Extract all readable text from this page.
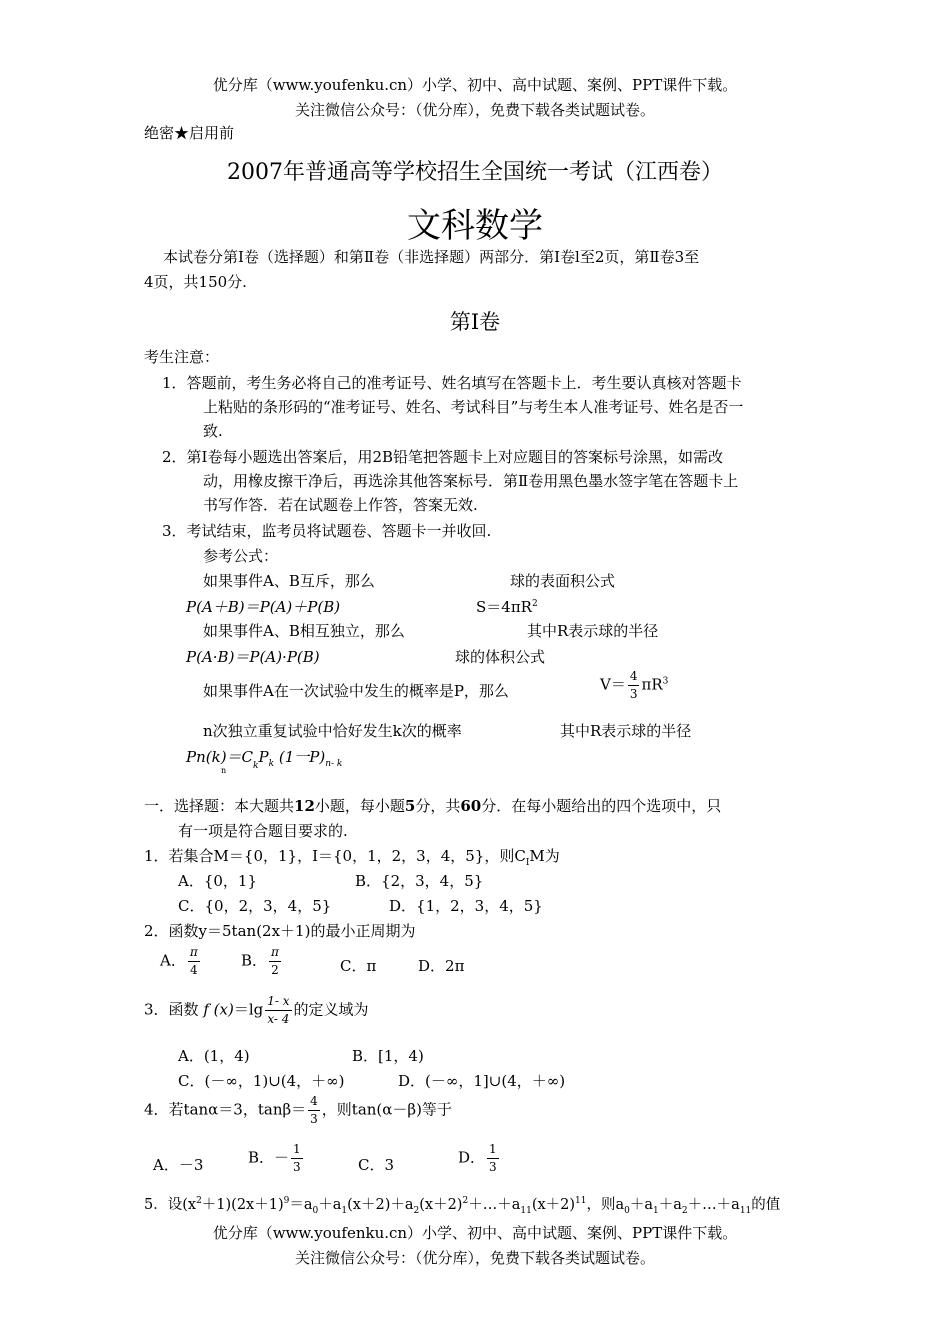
优分库（www.youfenku.cn）小学、初中、高中试题、案例、PPT课件下载。
关注微信公众号：（优分库），免费下载各类试题试卷。
绝密★启用前
2007年普通高等学校招生全国统一考试（江西卷）
文科数学
本试卷分第Ⅰ卷（选择题）和第Ⅱ卷（非选择题）两部分．第Ⅰ卷l至2页，第Ⅱ卷3至
4页，共150分.
第Ⅰ卷
考生注意：
1．答题前，考生务必将自己的准考证号、姓名填写在答题卡上．考生要认真核对答题卡
上粘贴的条形码的“准考证号、姓名、考试科目”与考生本人准考证号、姓名是否一
致.
2．第Ⅰ卷每小题选出答案后，用2B铅笔把答题卡上对应题目的答案标号涂黑，如需改
动，用橡皮擦干净后，再选涂其他答案标号．第Ⅱ卷用黑色墨水签字笔在答题卡上
书写作答．若在试题卷上作答，答案无效.
3．考试结束，监考员将试题卷、答题卡一并收回.
参考公式：
如果事件A、B互斥，那么	球的表面积公式
P(A＋B)＝P(A)＋P(B)	$S=4\pi R^2$
如果事件A、B相互独立，那么	其中R表示球的半径
P(A·B)＝P(A)·P(B)	球的体积公式
如果事件A在一次试验中发生的概率是P，那么	$V= \frac{4}{3} \pi R^3$
n次独立重复试验中恰好发生k次的概率	其中R表示球的半径
$Pn(k)=C_kP_k$ (1一$P)_{n- k}$
n
一．选择题：本大题共12小题，每小题5分，共60分．在每小题给出的四个选项中，只
有一项是符合题目要求的.
1．若集合M＝{0，1}，I＝{0，1，2，3，4，5}，则$C_IM$为
A．{0，1}	B．{2，3，4，5}
C．{0，2，3，4，5}	D．{1，2，3，4，5}
2．函数y＝5tan(2x＋1)的最小正周期为
A． $\frac{\pi}{4}$	B． $\frac{\pi}{2}$	C．π	D．2π
3．函数 f $(x)=\lg \frac{1- x}{x- 4}$ 的定义域为
A．(1，4)	B．[1，4)
C．(－∞，1)∪(4，＋∞)	D．(－∞，1]∪(4，＋∞)
4．若tanα＝3，$\tan\beta= \frac{4}{3}$ ，则tan(α－β)等于
A．－3	B．－ $\frac{1}{3}$	C．3	D． $\frac{1}{3}$
5．设$(x^2+1)(2x+1)^9=a_0+a_1(x+2)+a_2(x+2)^2+\dots+a_{11}(x+2)^{11}$，则$a_0+a_1+a_2+\dots+a_{11}$的值
优分库（www.youfenku.cn）小学、初中、高中试题、案例、PPT课件下载。
关注微信公众号：（优分库），免费下载各类试题试卷。
